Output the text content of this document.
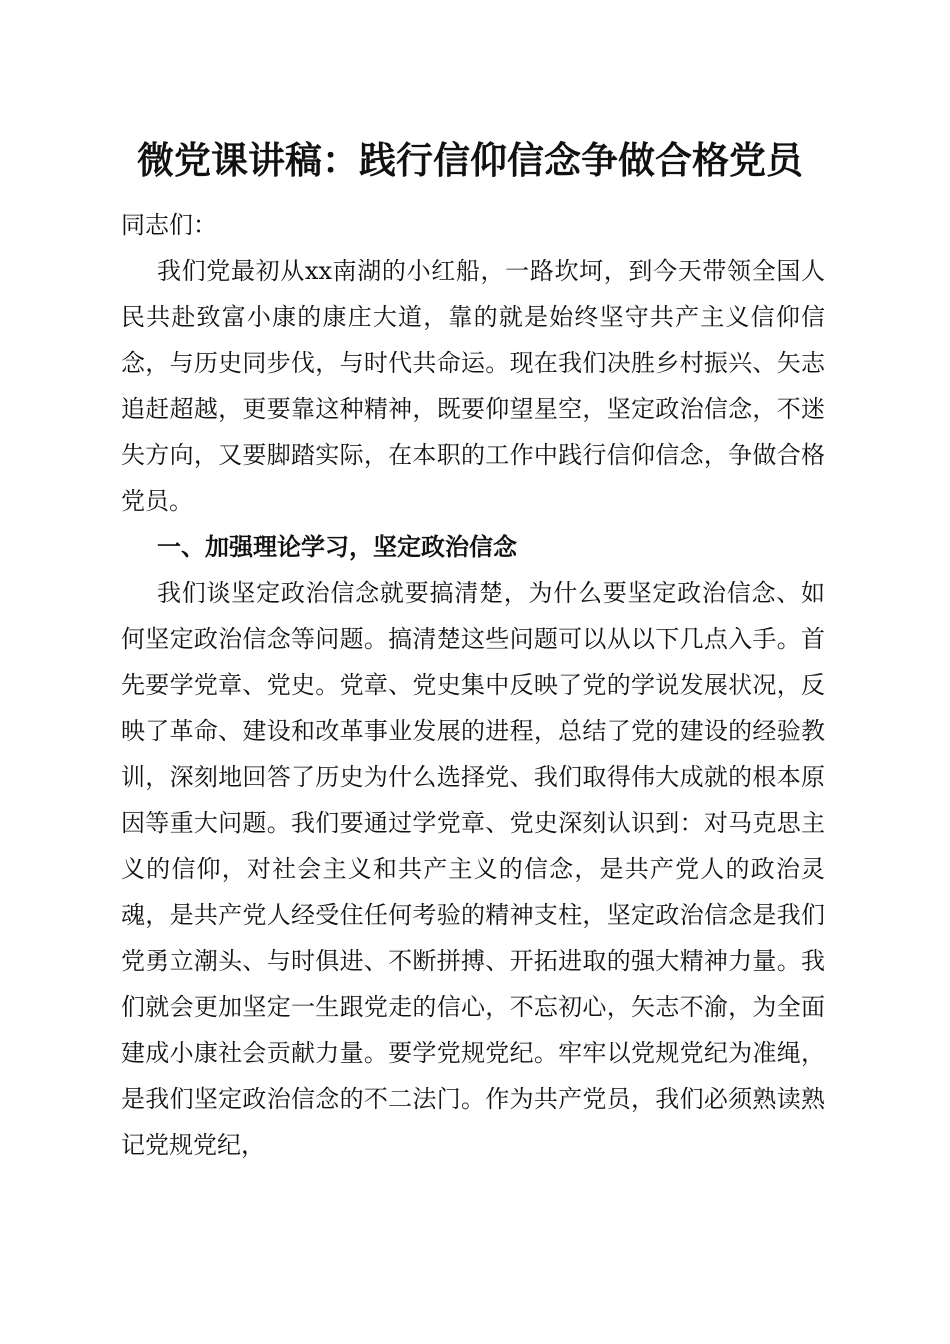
微党课讲稿：践行信仰信念争做合格党员

同志们：

我们党最初从xx南湖的小红船，一路坎坷，到今天带领全国人民共赴致富小康的康庄大道，靠的就是始终坚守共产主义信仰信念，与历史同步伐，与时代共命运。现在我们决胜乡村振兴、矢志追赶超越，更要靠这种精神，既要仰望星空，坚定政治信念，不迷失方向，又要脚踏实际，在本职的工作中践行信仰信念，争做合格党员。

一、加强理论学习，坚定政治信念

我们谈坚定政治信念就要搞清楚，为什么要坚定政治信念、如何坚定政治信念等问题。搞清楚这些问题可以从以下几点入手。首先要学党章、党史。党章、党史集中反映了党的学说发展状况，反映了革命、建设和改革事业发展的进程，总结了党的建设的经验教训，深刻地回答了历史为什么选择党、我们取得伟大成就的根本原因等重大问题。我们要通过学党章、党史深刻认识到：对马克思主义的信仰，对社会主义和共产主义的信念，是共产党人的政治灵魂，是共产党人经受住任何考验的精神支柱，坚定政治信念是我们党勇立潮头、与时俱进、不断拼搏、开拓进取的强大精神力量。我们就会更加坚定一生跟党走的信心，不忘初心，矢志不渝，为全面建成小康社会贡献力量。要学党规党纪。牢牢以党规党纪为准绳，是我们坚定政治信念的不二法门。作为共产党员，我们必须熟读熟记党规党纪，
